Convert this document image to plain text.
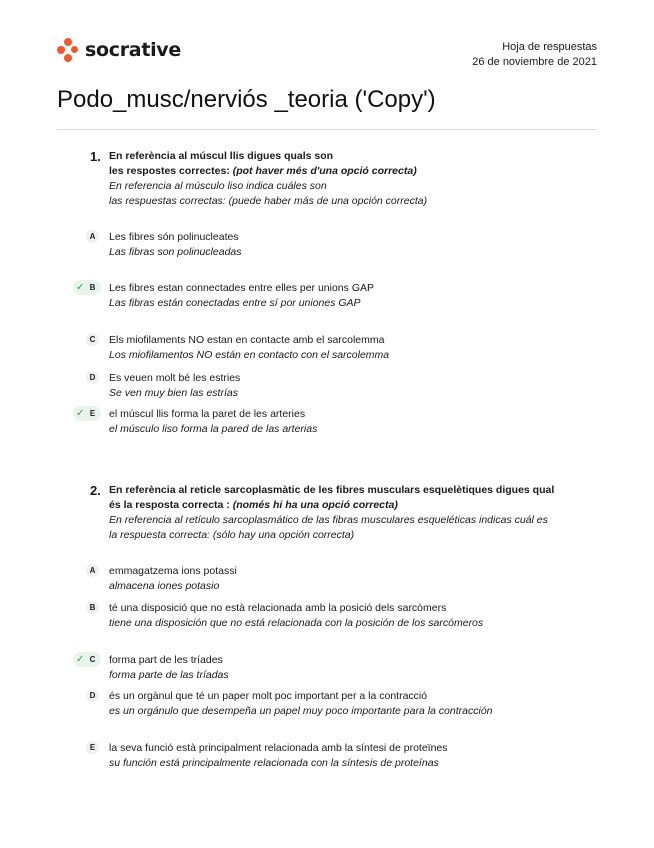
socrative	Hoja de respuestas
26 de noviembre de 2021
Podo_musc/nerviós _teoria ('Copy')
1. En referència al múscul llis digues quals son
les respostes correctes: (pot haver més d'una opció correcta)
En referencia al músculo liso indica cuáles son
las respuestas correctas: (puede haber más de una opción correcta)
A	Les fibres són polinucleates
Las fibras son polinucleadas
✓ B	Les fibres estan connectades entre elles per unions GAP
Las fibras están conectadas entre sí por uniones GAP
C	Els miofilaments NO estan en contacte amb el sarcolemma
Los miofilamentos NO están en contacto con el sarcolemma
D	Es veuen molt bé les estries
Se ven muy bien las estrías
✓ E	el múscul llis forma la paret de les arteries
el músculo liso forma la pared de las arterias
2. En referència al reticle sarcoplasmàtic de les fibres musculars esquelètiques digues qual
és la resposta correcta : (només hi ha una opció correcta)
En referencia al retículo sarcoplasmático de las fibras musculares esqueléticas indicas cuál es
la respuesta correcta: (sólo hay una opción correcta)
A	emmagatzema ions potassi
almacena iones potasio
B	té una disposició que no està relacionada amb la posició dels sarcòmers
tiene una disposición que no está relacionada con la posición de los sarcómeros
✓ C	forma part de les tríades
forma parte de las tríadas
D	és un orgànul que té un paper molt poc important per a la contracció
es un orgánulo que desempeña un papel muy poco importante para la contracción
E	la seva funció està principalment relacionada amb la síntesi de proteïnes
su función está principalmente relacionada con la síntesis de proteínas
